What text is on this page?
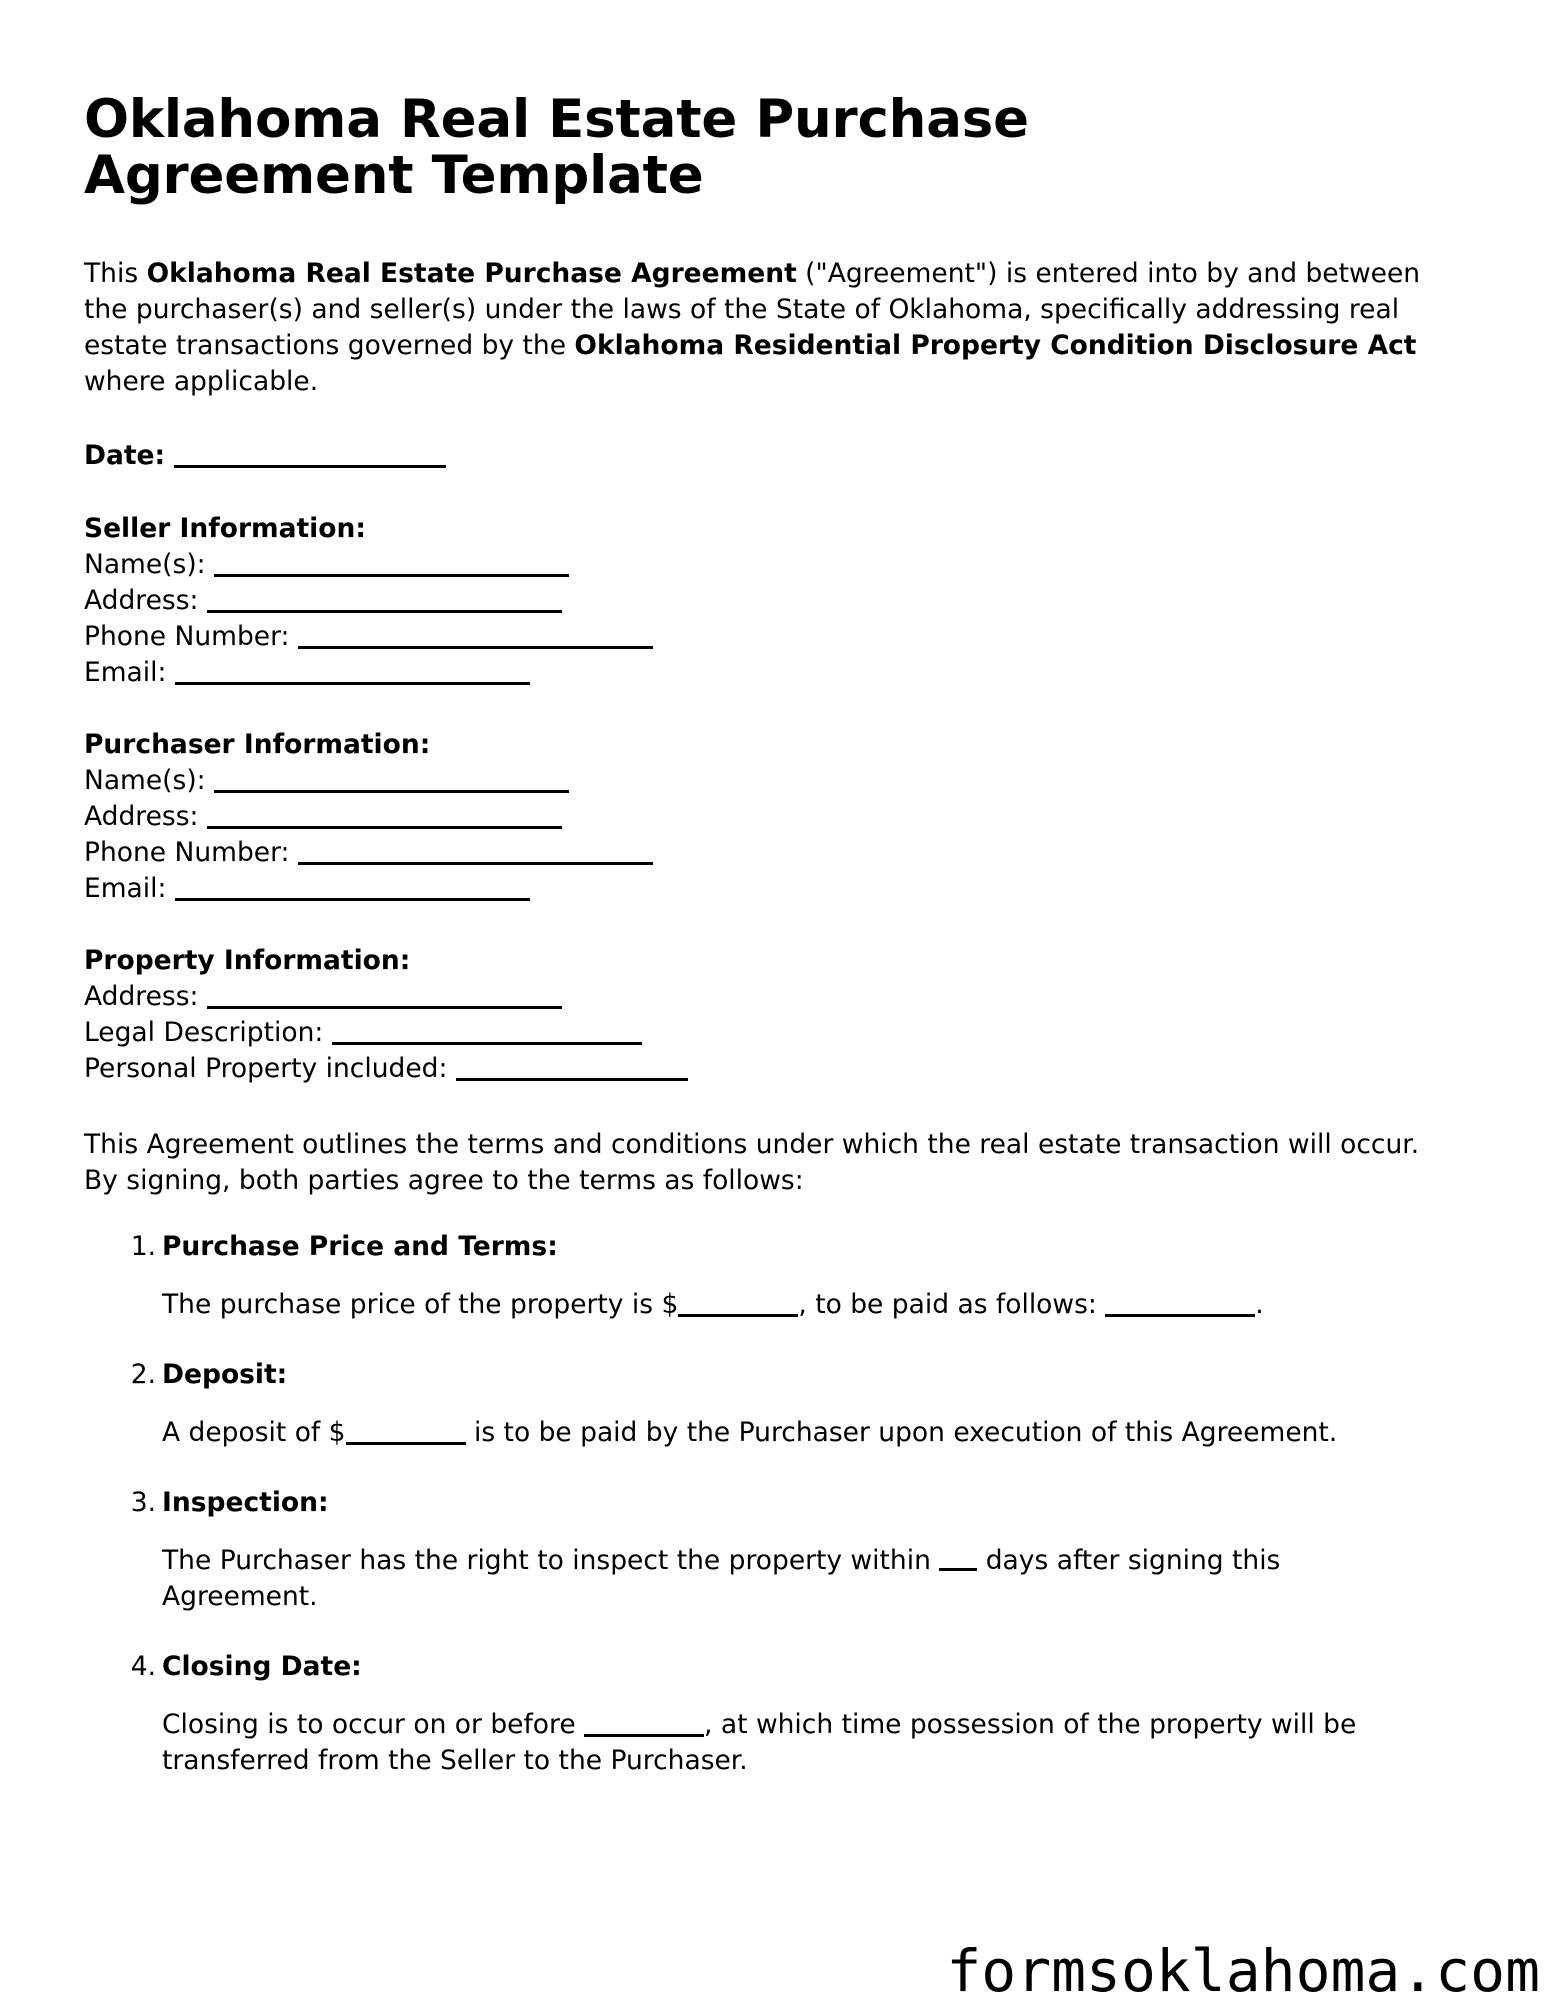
Oklahoma Real Estate Purchase Agreement Template

This Oklahoma Real Estate Purchase Agreement ("Agreement") is entered into by and between the purchaser(s) and seller(s) under the laws of the State of Oklahoma, specifically addressing real estate transactions governed by the Oklahoma Residential Property Condition Disclosure Act where applicable.

Date:

Seller Information:

Name(s):

Address:

Phone Number:

Email:

Purchaser Information:

Name(s):

Address:

Phone Number:

Email:

Property Information:

Address:

Legal Description:

Personal Property included:

This Agreement outlines the terms and conditions under which the real estate transaction will occur. By signing, both parties agree to the terms as follows:

1. Purchase Price and Terms:

The purchase price of the property is $	, to be paid as follows:	.

2. Deposit:

A deposit of $	is to be paid by the Purchaser upon execution of this Agreement.

3. Inspection:

The Purchaser has the right to inspect the property within  days after signing this Agreement.

4. Closing Date:

Closing is to occur on or before	, at which time possession of the property will be transferred from the Seller to the Purchaser.

formsoklahoma.com
